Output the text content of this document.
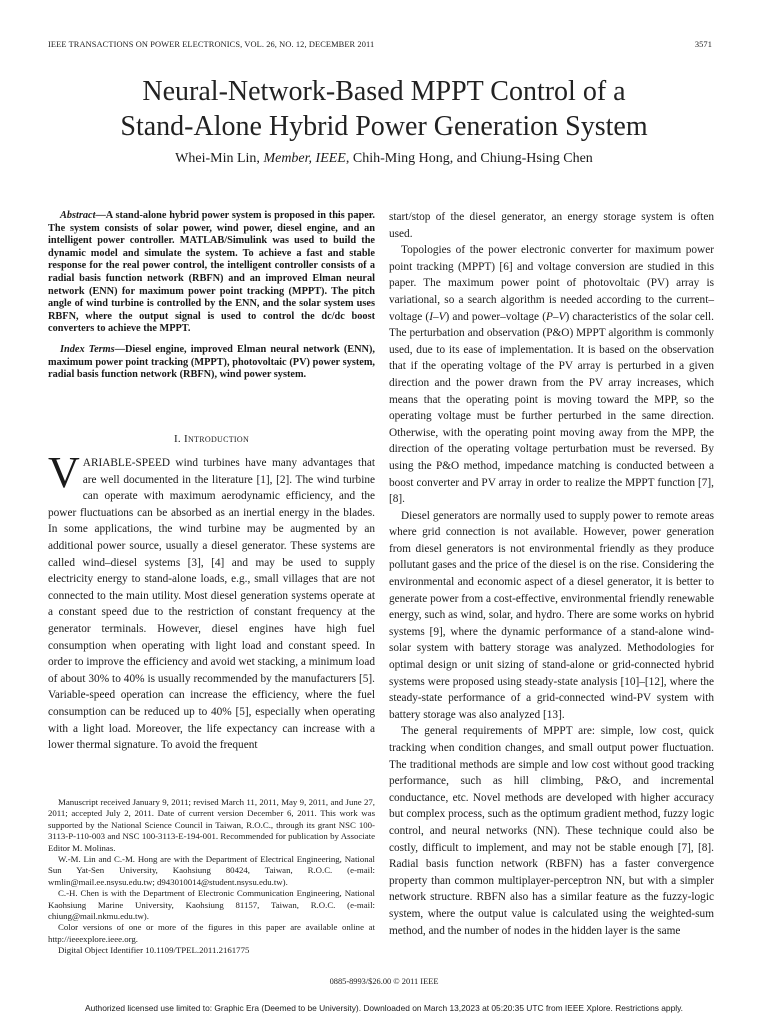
IEEE TRANSACTIONS ON POWER ELECTRONICS, VOL. 26, NO. 12, DECEMBER 2011	3571
Neural-Network-Based MPPT Control of a
Stand-Alone Hybrid Power Generation System
Whei-Min Lin, Member, IEEE, Chih-Ming Hong, and Chiung-Hsing Chen

Abstract—A stand-alone hybrid power system is proposed in this paper. The system consists of solar power, wind power, diesel engine, and an intelligent power controller. MATLAB/Simulink was used to build the dynamic model and simulate the system. To achieve a fast and stable response for the real power control, the intelligent controller consists of a radial basis function network (RBFN) and an improved Elman neural network (ENN) for maximum power point tracking (MPPT). The pitch angle of wind turbine is controlled by the ENN, and the solar system uses RBFN, where the output signal is used to control the dc/dc boost converters to achieve the MPPT.

Index Terms—Diesel engine, improved Elman neural network (ENN), maximum power point tracking (MPPT), photovoltaic (PV) power system, radial basis function network (RBFN), wind power system.

I. Introduction

VARIABLE-SPEED wind turbines have many advantages that are well documented in the literature [1], [2]. The wind turbine can operate with maximum aerodynamic efficiency, and the power fluctuations can be absorbed as an inertial energy in the blades. In some applications, the wind turbine may be augmented by an additional power source, usually a diesel generator. These systems are called wind–diesel systems [3], [4] and may be used to supply electricity energy to stand-alone loads, e.g., small villages that are not connected to the main utility. Most diesel generation systems operate at a constant speed due to the restriction of constant frequency at the generator terminals. However, diesel engines have high fuel consumption when operating with light load and constant speed. In order to improve the efficiency and avoid wet stacking, a minimum load of about 30% to 40% is usually recommended by the manufacturers [5]. Variable-speed operation can increase the efficiency, where the fuel consumption can be reduced up to 40% [5], especially when operating with a light load. Moreover, the life expectancy can increase with a lower thermal signature. To avoid the frequent

Manuscript received January 9, 2011; revised March 11, 2011, May 9, 2011, and June 27, 2011; accepted July 2, 2011. Date of current version December 6, 2011. This work was supported by the National Science Council in Taiwan, R.O.C., through its grant NSC 100-3113-P-110-003 and NSC 100-3113-E-194-001. Recommended for publication by Associate Editor M. Molinas.

W.-M. Lin and C.-M. Hong are with the Department of Electrical Engineering, National Sun Yat-Sen University, Kaohsiung 80424, Taiwan, R.O.C. (e-mail: wmlin@mail.ee.nsysu.edu.tw; d943010014@student.nsysu.edu.tw).

C.-H. Chen is with the Department of Electronic Communication Engineering, National Kaohsiung Marine University, Kaohsiung 81157, Taiwan, R.O.C. (e-mail: chiung@mail.nkmu.edu.tw).

Color versions of one or more of the figures in this paper are available online at http://ieeexplore.ieee.org.

Digital Object Identifier 10.1109/TPEL.2011.2161775

start/stop of the diesel generator, an energy storage system is often used.

Topologies of the power electronic converter for maximum power point tracking (MPPT) [6] and voltage conversion are studied in this paper. The maximum power point of photovoltaic (PV) array is variational, so a search algorithm is needed according to the current–voltage (I–V) and power–voltage (P–V) characteristics of the solar cell. The perturbation and observation (P&O) MPPT algorithm is commonly used, due to its ease of implementation. It is based on the observation that if the operating voltage of the PV array is perturbed in a given direction and the power drawn from the PV array increases, which means that the operating point is moving toward the MPP, so the operating voltage must be further perturbed in the same direction. Otherwise, with the operating point moving away from the MPP, the direction of the operating voltage perturbation must be reversed. By using the P&O method, impedance matching is conducted between a boost converter and PV array in order to realize the MPPT function [7], [8].

Diesel generators are normally used to supply power to remote areas where grid connection is not available. However, power generation from diesel generators is not environmental friendly as they produce pollutant gases and the price of the diesel is on the rise. Considering the environmental and economic aspect of a diesel generator, it is better to generate power from a cost-effective, environmental friendly renewable energy, such as wind, solar, and hydro. There are some works on hybrid systems [9], where the dynamic performance of a stand-alone wind-solar system with battery storage was analyzed. Methodologies for optimal design or unit sizing of stand-alone or grid-connected hybrid systems were proposed using steady-state analysis [10]–[12], where the steady-state performance of a grid-connected wind-PV system with battery storage was also analyzed [13].

The general requirements of MPPT are: simple, low cost, quick tracking when condition changes, and small output power fluctuation. The traditional methods are simple and low cost without good tracking performance, such as hill climbing, P&O, and incremental conductance, etc. Novel methods are developed with higher accuracy but complex process, such as the optimum gradient method, fuzzy logic control, and neural networks (NN). These technique could also be costly, difficult to implement, and may not be stable enough [7], [8]. Radial basis function network (RBFN) has a faster convergence property than common multiplayer-perceptron NN, but with a simpler network structure. RBFN also has a similar feature as the fuzzy-logic system, where the output value is calculated using the weighted-sum method, and the number of nodes in the hidden layer is the same

0885-8993/$26.00 © 2011 IEEE
Authorized licensed use limited to: Graphic Era (Deemed to be University). Downloaded on March 13,2023 at 05:20:35 UTC from IEEE Xplore. Restrictions apply.
